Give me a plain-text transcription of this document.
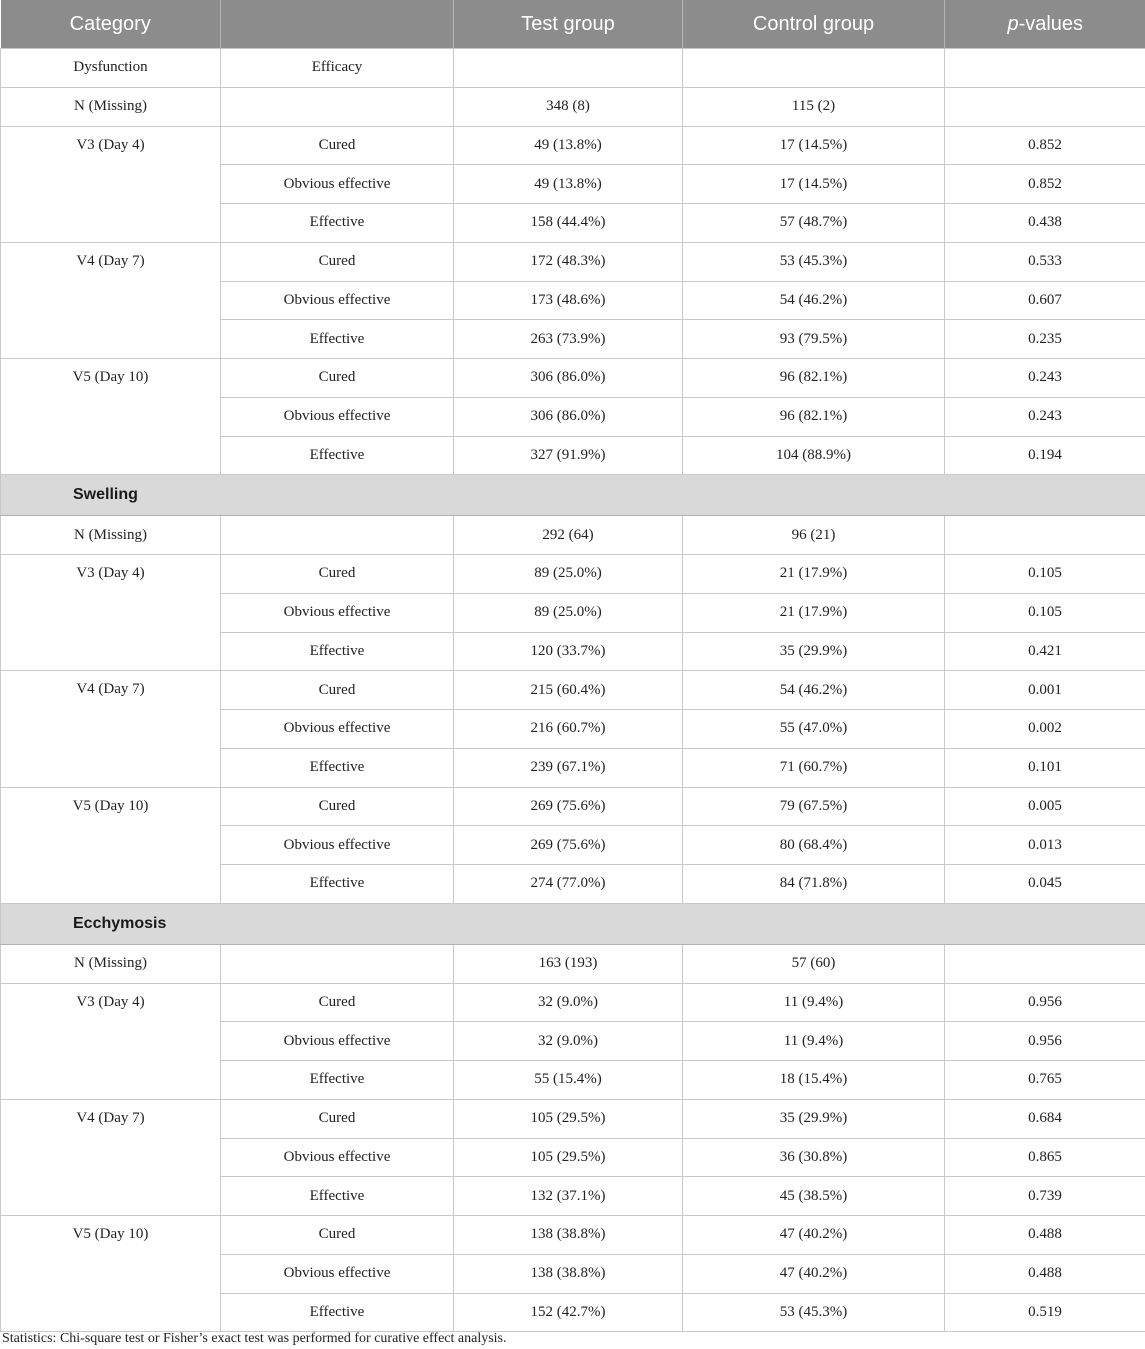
Category		Test group	Control group	p-values
Dysfunction	Efficacy			
N (Missing)		348 (8)	115 (2)	
V3 (Day 4)	Cured	49 (13.8%)	17 (14.5%)	0.852
	Obvious effective	49 (13.8%)	17 (14.5%)	0.852
	Effective	158 (44.4%)	57 (48.7%)	0.438
V4 (Day 7)	Cured	172 (48.3%)	53 (45.3%)	0.533
	Obvious effective	173 (48.6%)	54 (46.2%)	0.607
	Effective	263 (73.9%)	93 (79.5%)	0.235
V5 (Day 10)	Cured	306 (86.0%)	96 (82.1%)	0.243
	Obvious effective	306 (86.0%)	96 (82.1%)	0.243
	Effective	327 (91.9%)	104 (88.9%)	0.194
Swelling				
N (Missing)		292 (64)	96 (21)	
V3 (Day 4)	Cured	89 (25.0%)	21 (17.9%)	0.105
	Obvious effective	89 (25.0%)	21 (17.9%)	0.105
	Effective	120 (33.7%)	35 (29.9%)	0.421
V4 (Day 7)	Cured	215 (60.4%)	54 (46.2%)	0.001
	Obvious effective	216 (60.7%)	55 (47.0%)	0.002
	Effective	239 (67.1%)	71 (60.7%)	0.101
V5 (Day 10)	Cured	269 (75.6%)	79 (67.5%)	0.005
	Obvious effective	269 (75.6%)	80 (68.4%)	0.013
	Effective	274 (77.0%)	84 (71.8%)	0.045
Ecchymosis				
N (Missing)		163 (193)	57 (60)	
V3 (Day 4)	Cured	32 (9.0%)	11 (9.4%)	0.956
	Obvious effective	32 (9.0%)	11 (9.4%)	0.956
	Effective	55 (15.4%)	18 (15.4%)	0.765
V4 (Day 7)	Cured	105 (29.5%)	35 (29.9%)	0.684
	Obvious effective	105 (29.5%)	36 (30.8%)	0.865
	Effective	132 (37.1%)	45 (38.5%)	0.739
V5 (Day 10)	Cured	138 (38.8%)	47 (40.2%)	0.488
	Obvious effective	138 (38.8%)	47 (40.2%)	0.488
	Effective	152 (42.7%)	53 (45.3%)	0.519
Statistics: Chi-square test or Fisher’s exact test was performed for curative effect analysis.
